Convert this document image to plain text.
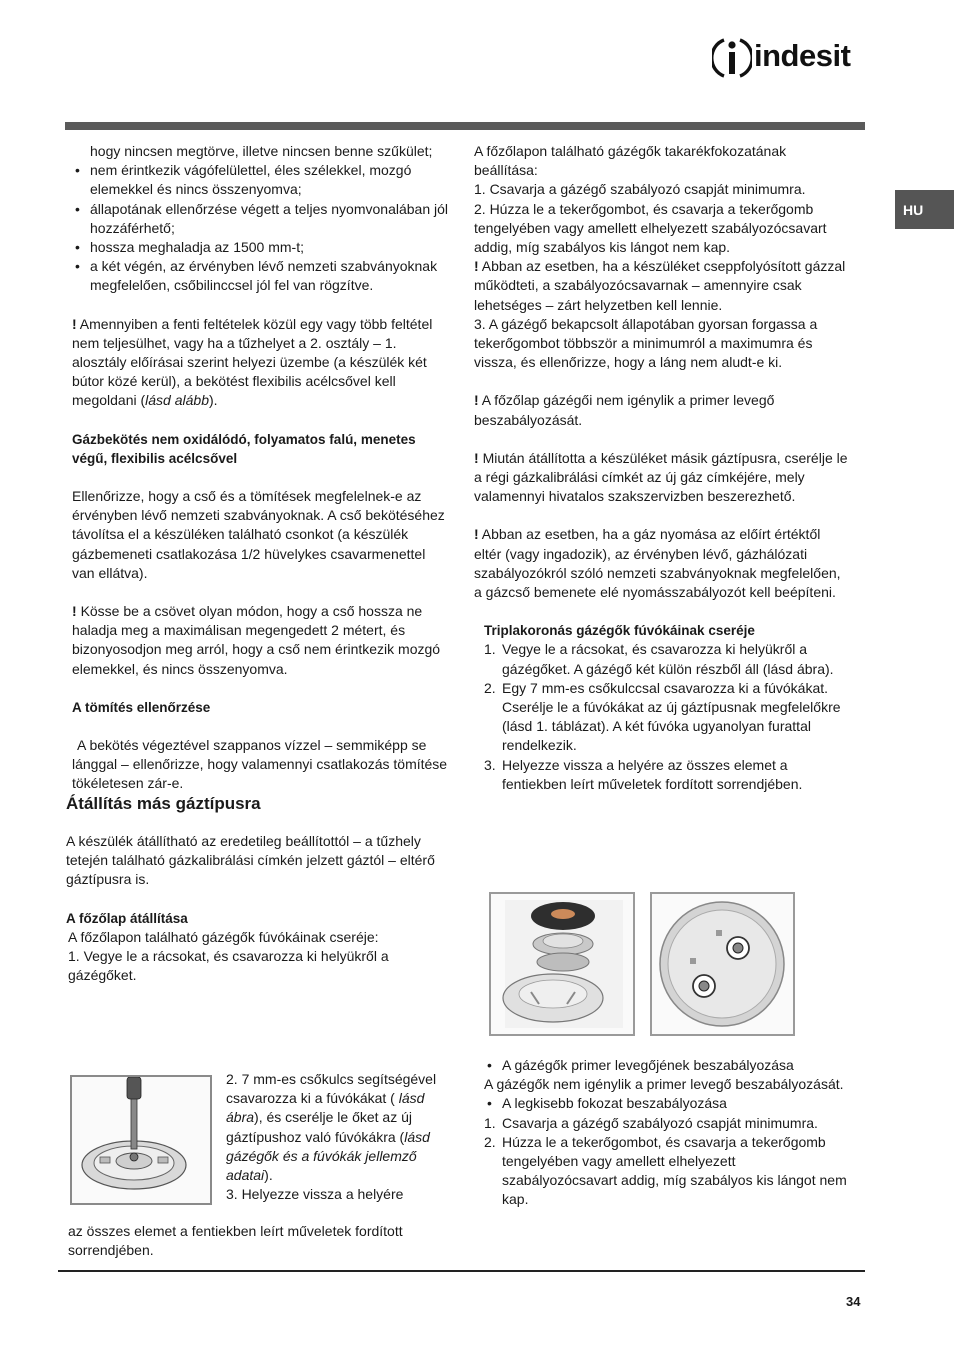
indesit
HU

hogy nincsen megtörve, illetve nincsen benne szűkület;

• nem érintkezik vágófelülettel, éles szélekkel, mozgó elemekkel és nincs összenyomva;
• állapotának ellenőrzése végett a teljes nyomvonalában jól hozzáférhető;
• hossza meghaladja az 1500 mm-t;
• a két végén, az érvényben lévő nemzeti szabványoknak megfelelően, csőbilinccsel jól fel van rögzítve.

! Amennyiben a fenti feltételek közül egy vagy több feltétel nem teljesülhet, vagy ha a tűzhelyet a 2. osztály – 1. alosztály előírásai szerint helyezi üzembe (a készülék két bútor közé kerül), a bekötést flexibilis acélcsővel kell megoldani (lásd alább).

Gázbekötés nem oxidálódó, folyamatos falú, menetes végű, flexibilis acélcsővel

Ellenőrizze, hogy a cső és a tömítések megfelelnek-e az érvényben lévő nemzeti szabványoknak. A cső bekötéséhez távolítsa el a készüléken található csonkot (a készülék gázbemeneti csatlakozása 1/2 hüvelykes csavarmenettel van ellátva).

! Kösse be a csövet olyan módon, hogy a cső hossza ne haladja meg a maximálisan megengedett 2 métert, és bizonyosodjon meg arról, hogy a cső nem érintkezik mozgó elemekkel, és nincs összenyomva.

A tömítés ellenőrzése

A bekötés végeztével szappanos vízzel – semmiképp se lánggal – ellenőrizze, hogy valamennyi csatlakozás tömítése tökéletesen zár-e.

Átállítás más gáztípusra

A készülék átállítható az eredetileg beállítottól – a tűzhely tetején található gázkalibrálási címkén jelzett gáztól – eltérő gáztípusra is.

A főzőlap átállítása

A főzőlapon található gázégők fúvókáinak cseréje:

1. Vegye le a rácsokat, és csavarozza ki helyükről a gázégőket.

2. 7 mm-es csőkulcs segítségével csavarozza ki a fúvókákat ( lásd ábra), és cserélje le őket az új gáztípushoz való fúvókákra (lásd gázégők és a fúvókák jellemző adatai).

3. Helyezze vissza a helyére

az összes elemet a fentiekben leírt műveletek fordított sorrendjében.

A főzőlapon található gázégők takarékfokozatának beállítása:

1. Csavarja a gázégő szabályozó csapját minimumra.

2. Húzza le a tekerőgombot, és csavarja a tekerőgomb tengelyében vagy amellett elhelyezett szabályozócsavart addig, míg szabályos kis lángot nem kap.

! Abban az esetben, ha a készüléket cseppfolyósított gázzal működteti, a szabályozócsavarnak – amennyire csak lehetséges – zárt helyzetben kell lennie.

3. A gázégő bekapcsolt állapotában gyorsan forgassa a tekerőgombot többször a minimumról a maximumra és vissza, és ellenőrizze, hogy a láng nem aludt-e ki.

! A főzőlap gázégői nem igénylik a primer levegő beszabályozását.

! Miután átállította a készüléket másik gáztípusra, cserélje le a régi gázkalibrálási címkét az új gáz címkéjére, mely valamennyi hivatalos szakszervizben beszerezhető.

! Abban az esetben, ha a gáz nyomása az előírt értéktől eltér (vagy ingadozik), az érvényben lévő, gázhálózati szabályozókról szóló nemzeti szabványoknak megfelelően, a gázcső bemenete elé nyomásszabályozót kell beépíteni.

Triplakoronás gázégők fúvókáinak cseréje

1. Vegye le a rácsokat, és csavarozza ki helyükről a gázégőket. A gázégő két külön részből áll (lásd ábra).
2. Egy 7 mm-es csőkulccsal csavarozza ki a fúvókákat. Cserélje le a fúvókákat az új gáztípusnak megfelelőkre (lásd 1. táblázat). A két fúvóka ugyanolyan furattal rendelkezik.
3. Helyezze vissza a helyére az összes elemet a fentiekben leírt műveletek fordított sorrendjében.
• A gázégők primer levegőjének beszabályozása

A gázégők nem igénylik a primer levegő beszabályozását.

• A legkisebb fokozat beszabályozása
1. Csavarja a gázégő szabályozó csapját minimumra.
2. Húzza le a tekerőgombot, és csavarja a tekerőgomb tengelyében vagy amellett elhelyezett szabályozócsavart addig, míg szabályos kis lángot nem kap.
34
